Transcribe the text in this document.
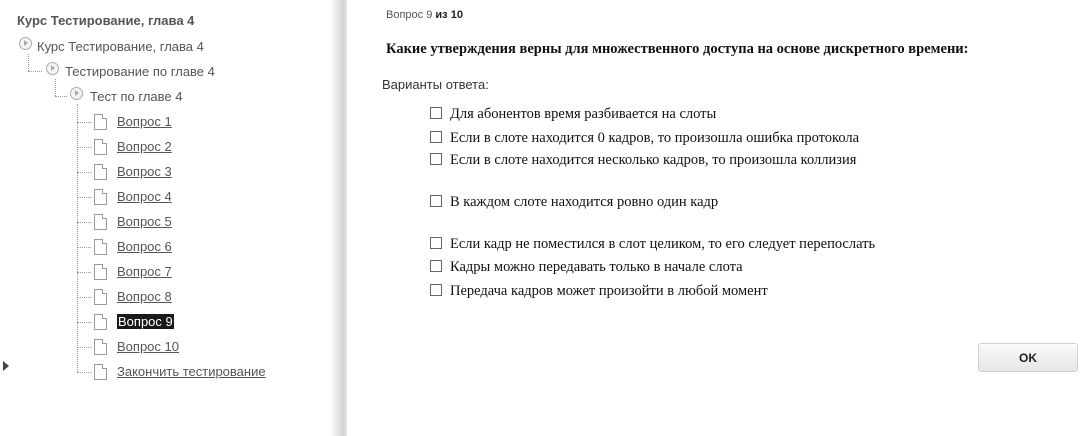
Курс Тестирование, глава 4
Курс Тестирование, глава 4
Тестирование по главе 4
Тест по главе 4
Вопрос 1
Вопрос 2
Вопрос 3
Вопрос 4
Вопрос 5
Вопрос 6
Вопрос 7
Вопрос 8
Вопрос 9
Вопрос 10
Закончить тестирование
Вопрос 9 из 10
Какие утверждения верны для множественного доступа на основе дискретного времени:
Варианты ответа:
Для абонентов время разбивается на слоты
Если в слоте находится 0 кадров, то произошла ошибка протокола
Если в слоте находится несколько кадров, то произошла коллизия
В каждом слоте находится ровно один кадр
Если кадр не поместился в слот целиком, то его следует перепослать
Кадры можно передавать только в начале слота
Передача кадров может произойти в любой момент
OK
